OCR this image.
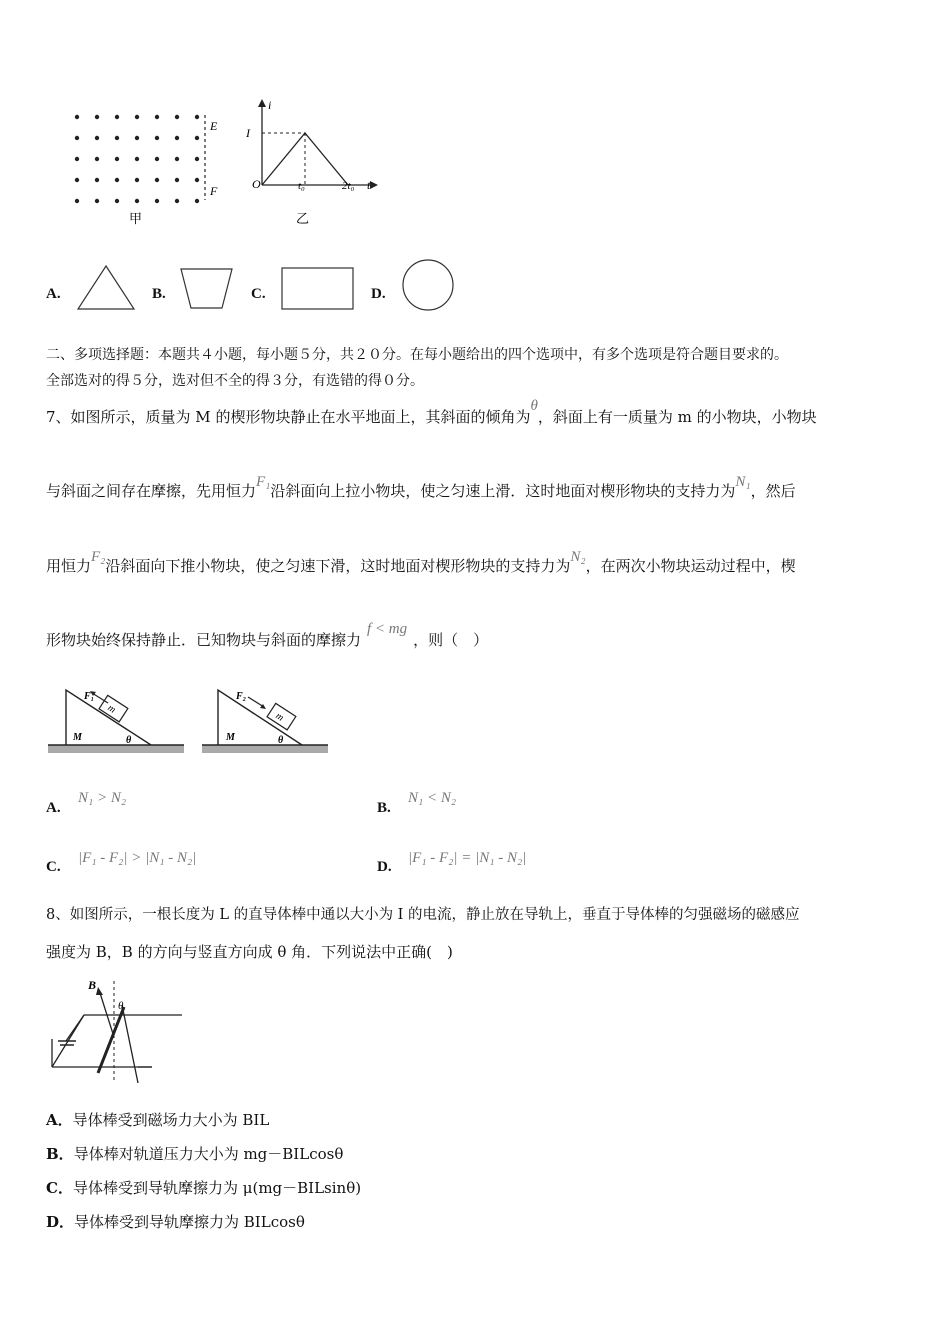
E
F
甲
i
t
I
O	t₀	2t₀
乙
A.	B.	C.	D.
二、多项选择题：本题共４小题，每小题５分，共２０分。在每小题给出的四个选项中，有多个选项是符合题目要求的。
全部选对的得５分，选对但不全的得３分，有选错的得０分。
7、如图所示，质量为 M 的楔形物块静止在水平地面上，其斜面的倾角为θ，斜面上有一质量为 m 的小物块，小物块
与斜面之间存在摩擦，先用恒力F₁沿斜面向上拉小物块，使之匀速上滑．这时地面对楔形物块的支持力为N₁，然后
用恒力F₂沿斜面向下推小物块，使之匀速下滑，这时地面对楔形物块的支持力为N₂，在两次小物块运动过程中，楔
形物块始终保持静止．已知物块与斜面的摩擦力f < mg，则（　）
m
F₁
M	θ
m
F₂
M	θ
A.
N₁ > N₂
B.
N₁ < N₂
C.
|F₁ - F₂| > |N₁ - N₂|
D.
|F₁ - F₂| = |N₁ - N₂|
8、如图所示，一根长度为 L 的直导体棒中通以大小为 I 的电流，静止放在导轨上，垂直于导体棒的匀强磁场的磁感应
强度为 B，B 的方向与竖直方向成 θ 角．下列说法中正确(　)
B
θ
A．导体棒受到磁场力大小为 BIL
B．导体棒对轨道压力大小为 mg－BILcosθ
C．导体棒受到导轨摩擦力为 μ(mg－BILsinθ)
D．导体棒受到导轨摩擦力为 BILcosθ
